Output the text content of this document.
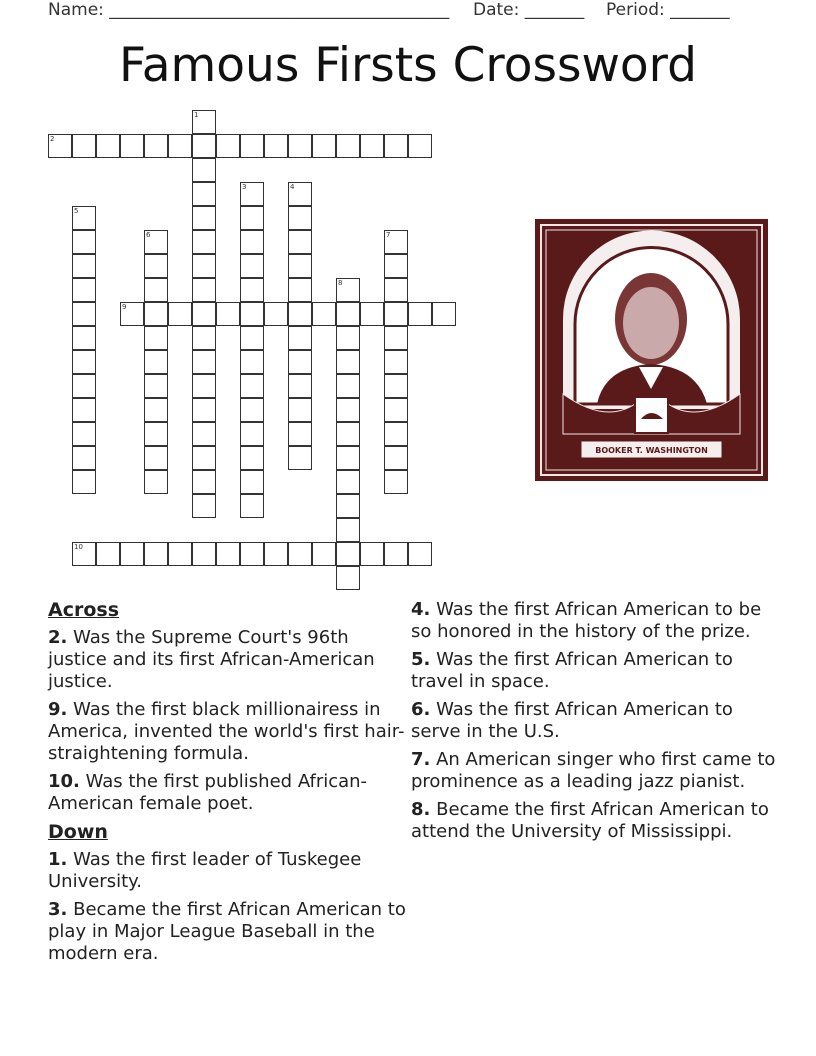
Name: ________________________________________ Date: _______ Period: _______
Famous Firsts Crossword
1
2
3	4
5
6	7
8
9
10
BOOKER T. WASHINGTON
Across
2. Was the Supreme Court's 96th justice and its first African-American justice.
9. Was the first black millionairess in America, invented the world's first hair- straightening formula.
10. Was the first published African-American female poet.
Down
1. Was the first leader of Tuskegee University.
3. Became the first African American to play in Major League Baseball in the modern era.
4. Was the first African American to be so honored in the history of the prize.
5. Was the first African American to travel in space.
6. Was the first African American to serve in the U.S.
7. An American singer who first came to prominence as a leading jazz pianist.
8. Became the first African American to attend the University of Mississippi.
